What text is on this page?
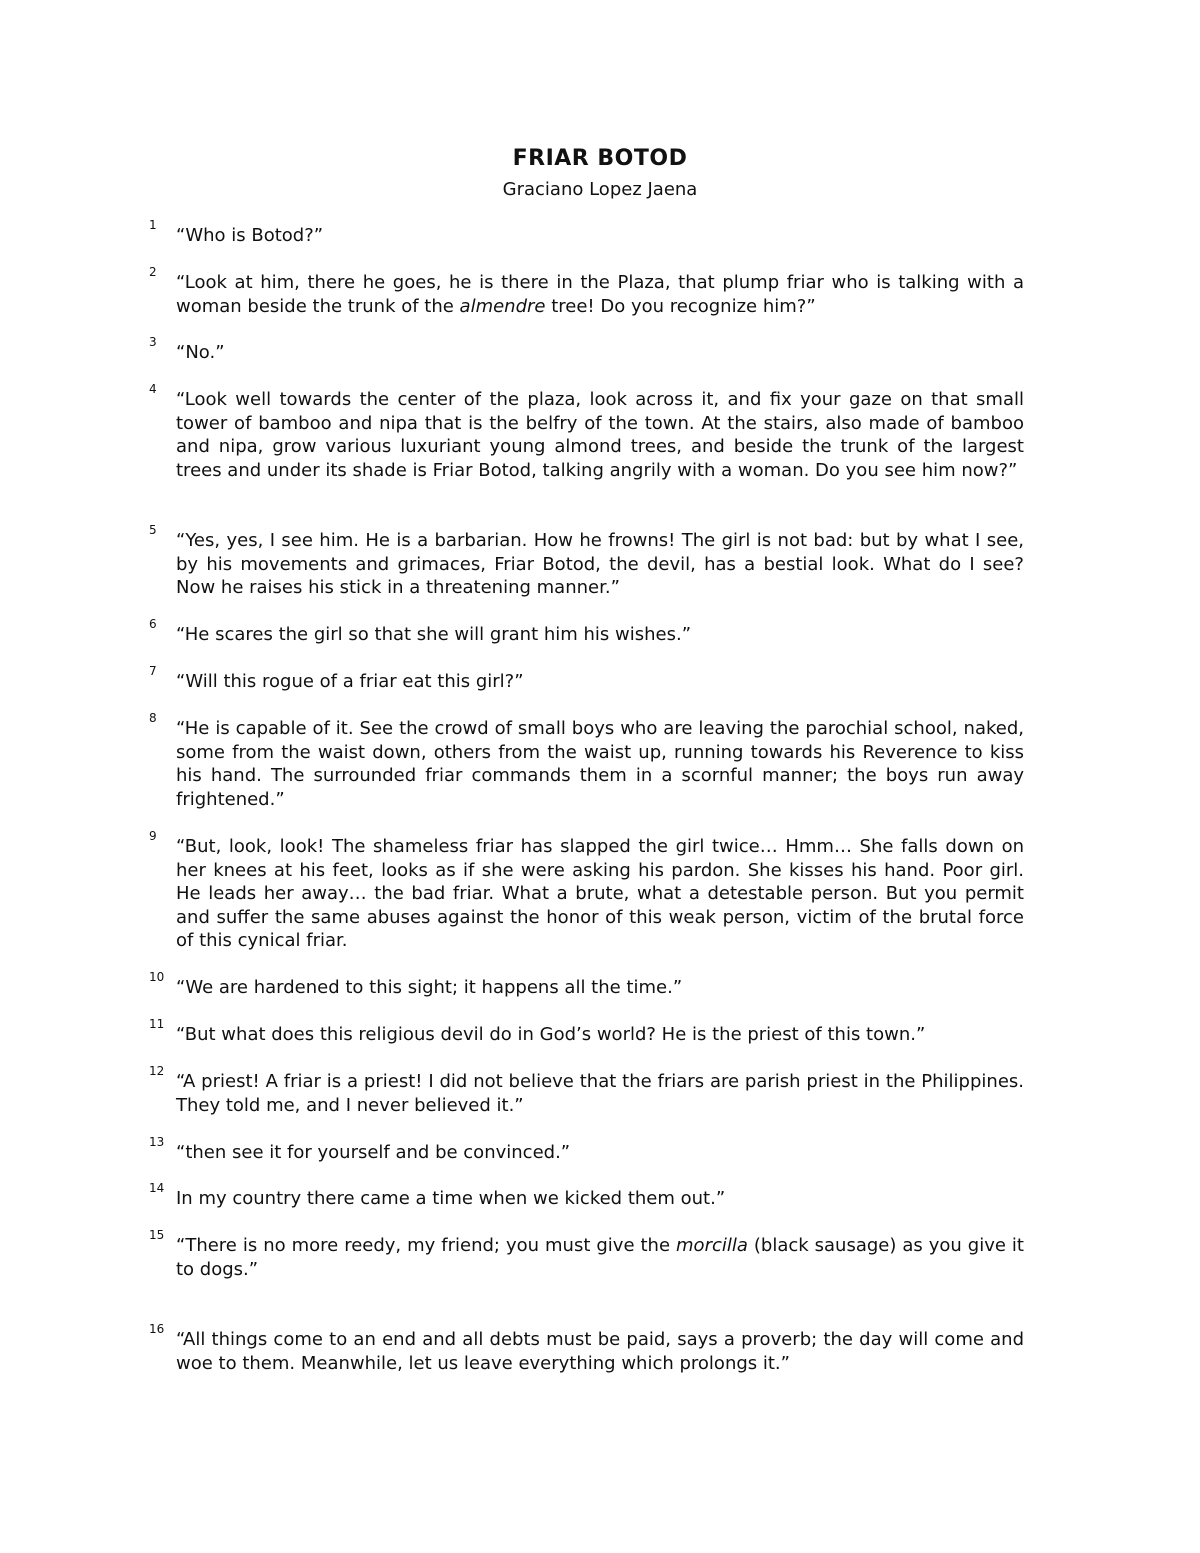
FRIAR BOTOD
Graciano Lopez Jaena
1 “Who is Botod?”
2 “Look at him, there he goes, he is there in the Plaza, that plump friar who is talking with a woman beside the trunk of the almendre tree! Do you recognize him?”
3 “No.”
4 “Look well towards the center of the plaza, look across it, and fix your gaze on that small tower of bamboo and nipa that is the belfry of the town. At the stairs, also made of bamboo and nipa, grow various luxuriant young almond trees, and beside the trunk of the largest trees and under its shade is Friar Botod, talking angrily with a woman. Do you see him now?”
5 “Yes, yes, I see him. He is a barbarian. How he frowns! The girl is not bad: but by what I see, by his movements and grimaces, Friar Botod, the devil, has a bestial look. What do I see? Now he raises his stick in a threatening manner.”
6 “He scares the girl so that she will grant him his wishes.”
7 “Will this rogue of a friar eat this girl?”
8 “He is capable of it. See the crowd of small boys who are leaving the parochial school, naked, some from the waist down, others from the waist up, running towards his Reverence to kiss his hand. The surrounded friar commands them in a scornful manner; the boys run away frightened.”
9 “But, look, look! The shameless friar has slapped the girl twice… Hmm… She falls down on her knees at his feet, looks as if she were asking his pardon. She kisses his hand. Poor girl. He leads her away… the bad friar. What a brute, what a detestable person. But you permit and suffer the same abuses against the honor of this weak person, victim of the brutal force of this cynical friar.
10 “We are hardened to this sight; it happens all the time.”
11 “But what does this religious devil do in God’s world? He is the priest of this town.”
12 “A priest! A friar is a priest! I did not believe that the friars are parish priest in the Philippines. They told me, and I never believed it.”
13 “then see it for yourself and be convinced.”
14 In my country there came a time when we kicked them out.”
15 “There is no more reedy, my friend; you must give the morcilla (black sausage) as you give it to dogs.”
16 “All things come to an end and all debts must be paid, says a proverb; the day will come and woe to them. Meanwhile, let us leave everything which prolongs it.”
